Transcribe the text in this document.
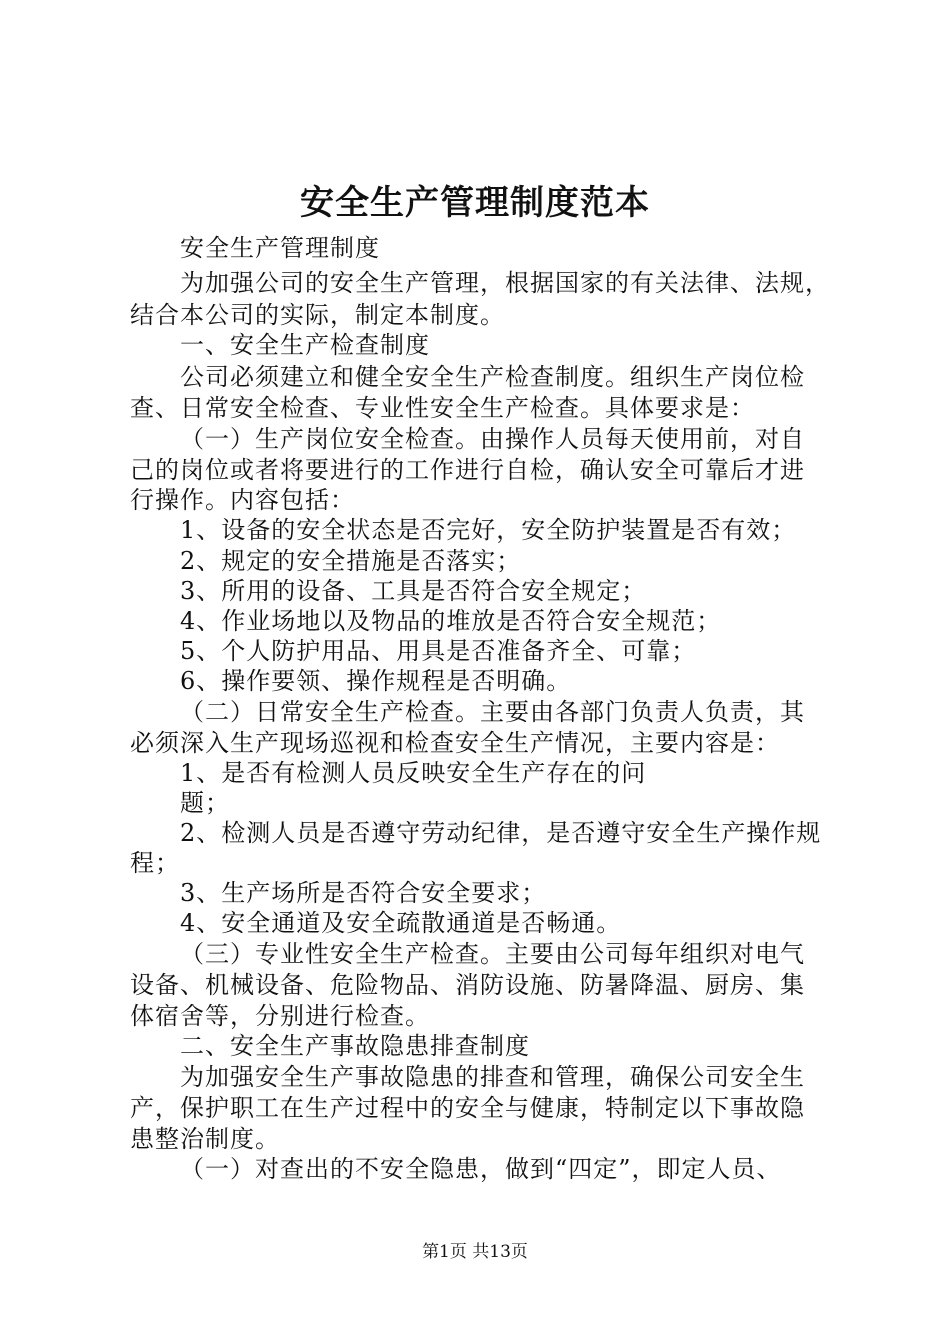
安全生产管理制度范本
安全生产管理制度
为加强公司的安全生产管理，根据国家的有关法律、法规，
结合本公司的实际，制定本制度。
一、安全生产检查制度
公司必须建立和健全安全生产检查制度。组织生产岗位检
查、日常安全检查、专业性安全生产检查。具体要求是：
（一）生产岗位安全检查。由操作人员每天使用前，对自
己的岗位或者将要进行的工作进行自检，确认安全可靠后才进
行操作。内容包括：
1、设备的安全状态是否完好，安全防护装置是否有效；
2、规定的安全措施是否落实；
3、所用的设备、工具是否符合安全规定；
4、作业场地以及物品的堆放是否符合安全规范；
5、个人防护用品、用具是否准备齐全、可靠；
6、操作要领、操作规程是否明确。
（二）日常安全生产检查。主要由各部门负责人负责，其
必须深入生产现场巡视和检查安全生产情况，主要内容是：
1、是否有检测人员反映安全生产存在的问
题；
2、检测人员是否遵守劳动纪律，是否遵守安全生产操作规
程；
3、生产场所是否符合安全要求；
4、安全通道及安全疏散通道是否畅通。
（三）专业性安全生产检查。主要由公司每年组织对电气
设备、机械设备、危险物品、消防设施、防暑降温、厨房、集
体宿舍等，分别进行检查。
二、安全生产事故隐患排查制度
为加强安全生产事故隐患的排查和管理，确保公司安全生
产，保护职工在生产过程中的安全与健康，特制定以下事故隐
患整治制度。
（一）对查出的不安全隐患，做到“四定”，即定人员、
第1页 共13页
